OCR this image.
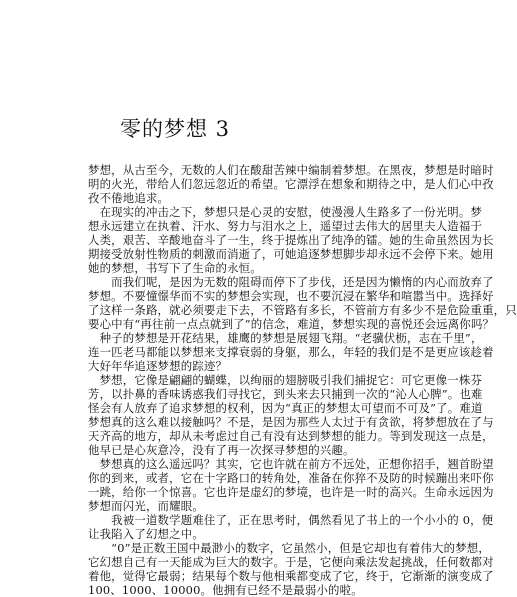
零的梦想 3
梦想，从古至今，无数的人们在酸甜苦辣中编制着梦想。在黑夜，梦想是时暗时
明的火光，带给人们忽远忽近的希望。它漂浮在想象和期待之中，是人们心中孜
孜不倦地追求。
　在现实的冲击之下，梦想只是心灵的安慰，使漫漫人生路多了一份光明。梦
想永远建立在执着、汗水、努力与泪水之上，遥望过去伟大的居里夫人造福于
人类，艰苦、辛酸地奋斗了一生，终于提炼出了纯净的镭。她的生命虽然因为长
期接受放射性物质的刺激而消逝了，可她追逐梦想脚步却永远不会停下来。她用
她的梦想，书写下了生命的永恒。
　　而我们呢，是因为无数的阻碍而停下了步伐，还是因为懒惰的内心而放弃了
梦想。不要憧憬华而不实的梦想会实现，也不要沉浸在繁华和喧嚣当中。选择好
了这样一条路，就必须要走下去，不管路有多长，不管前方有多少不是危险重重，只
要心中有“再往前一点点就到了”的信念，难道，梦想实现的喜悦还会远离你吗？
　种子的梦想是开花结果，雄鹰的梦想是展翅飞翔。“老骥伏枥，志在千里”，
连一匹老马都能以梦想来支撑衰弱的身躯，那么，年轻的我们是不是更应该趁着
大好年华追逐梦想的踪迹？
　梦想，它像是翩翩的蝴蝶，以绚丽的翅膀吸引我们捕捉它：可它更像一株芬
芳，以扑鼻的香味诱惑我们寻找它，到头来去只捕到一次的“沁人心脾”。也难
怪会有人放弃了追求梦想的权利，因为“真正的梦想太可望而不可及”了。难道
梦想真的这么难以接触吗？不是，是因为那些人太过于有贪欲，将梦想放在了与
天齐高的地方，却从未考虑过自己有没有达到梦想的能力。等到发现这一点是，
他早已是心灰意冷，没有了再一次探寻梦想的兴趣。
　梦想真的这么遥远吗？其实，它也许就在前方不远处，正想你招手，翘首盼望
你的到来，或者，它在十字路口的转角处，准备在你猝不及防的时候蹦出来吓你
一跳，给你一个惊喜。它也许是虚幻的梦境，也许是一时的高兴。生命永远因为
梦想而闪光，而耀眼。
　　我被一道数学题难住了，正在思考时，偶然看见了书上的一个小小的 0，便
让我陷入了幻想之中。
　　“0”是正数王国中最渺小的数字，它虽然小，但是它却也有着伟大的梦想，
它幻想自己有一天能成为巨大的数字。于是，它便向乘法发起挑战，任何数都对
着他，觉得它最弱；结果每个数与他相乘都变成了它，终于，它渐渐的演变成了
100、1000、10000。他拥有已经不是最弱小的啦。
